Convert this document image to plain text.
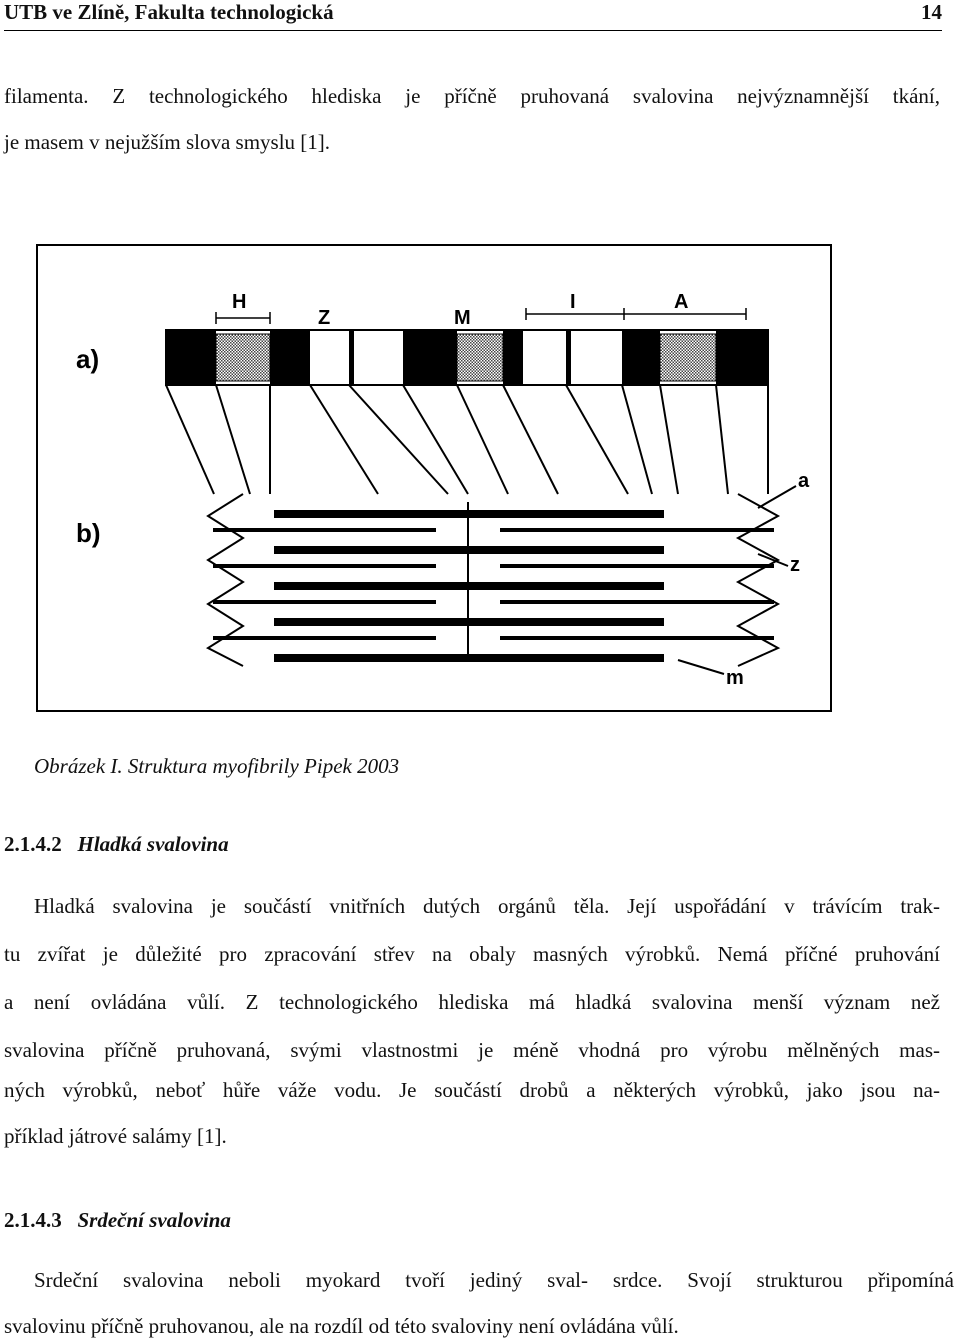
UTB ve Zlíně, Fakulta technologická	14
filamenta. Z technologického hlediska je příčně pruhovaná svalovina nejvýznamnější tkání,
je masem v nejužším slova smyslu [1].
H
Z	M
I	A
a)
b)
a
z
m
Obrázek I. Struktura myofibrily Pipek 2003
2.1.4.2 Hladká svalovina
Hladká svalovina je součástí vnitřních dutých orgánů těla. Její uspořádání v trávícím trak-
tu zvířat je důležité pro zpracování střev na obaly masných výrobků. Nemá příčné pruhování
a není ovládána vůlí. Z technologického hlediska má hladká svalovina menší význam než
svalovina příčně pruhovaná, svými vlastnostmi je méně vhodná pro výrobu mělněných mas-
ných výrobků, neboť hůře váže vodu. Je součástí drobů a některých výrobků, jako jsou na-
příklad játrové salámy [1].
2.1.4.3 Srdeční svalovina
Srdeční svalovina neboli myokard tvoří jediný sval- srdce. Svojí strukturou připomíná
svalovinu příčně pruhovanou, ale na rozdíl od této svaloviny není ovládána vůlí.
